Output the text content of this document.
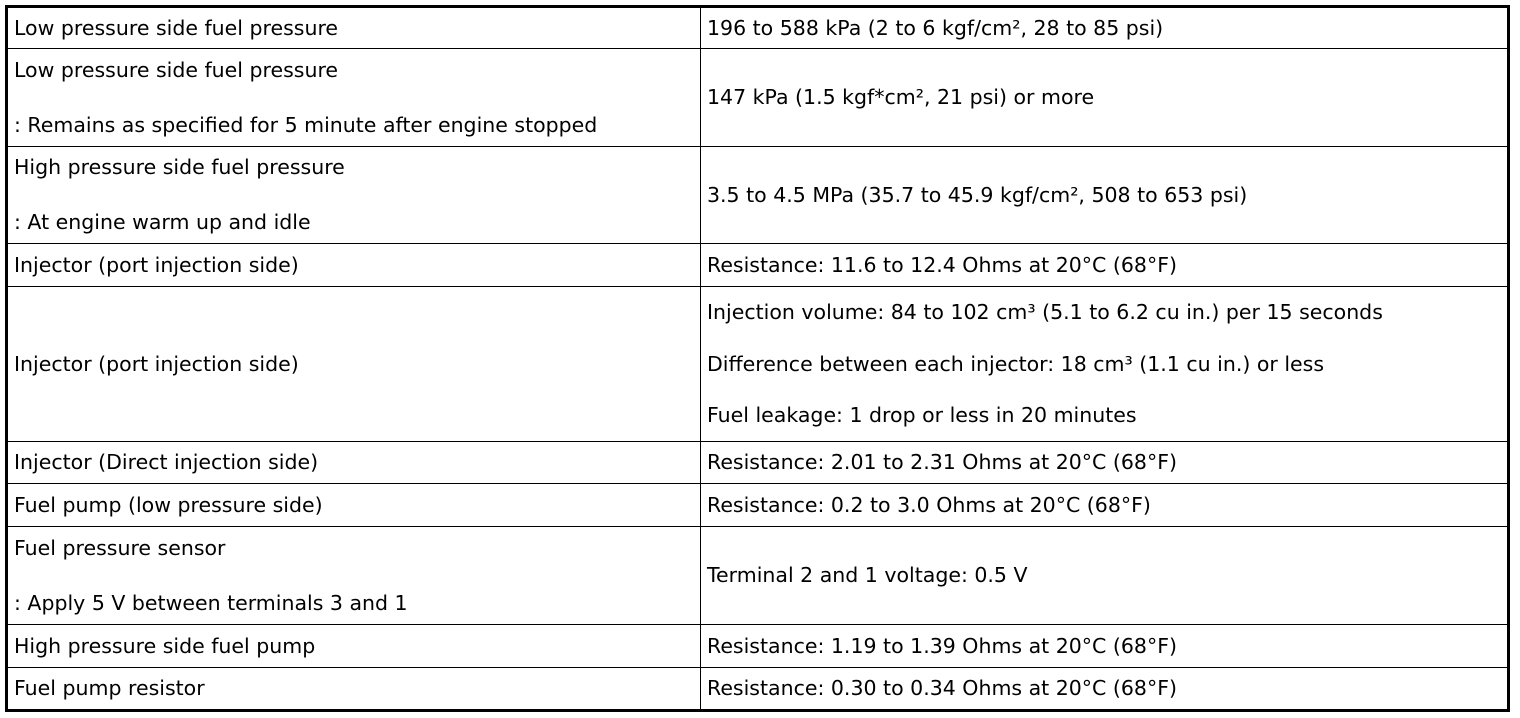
Low pressure side fuel pressure	196 to 588 kPa (2 to 6 kgf/cm², 28 to 85 psi)

Low pressure side fuel pressure
: Remains as specified for 5 minute after engine stopped	147 kPa (1.5 kgf*cm², 21 psi) or more

High pressure side fuel pressure
: At engine warm up and idle	3.5 to 4.5 MPa (35.7 to 45.9 kgf/cm², 508 to 653 psi)

Injector (port injection side)	Resistance: 11.6 to 12.4 Ohms at 20°C (68°F)

Injector (port injection side)	Injection volume: 84 to 102 cm³ (5.1 to 6.2 cu in.) per 15 seconds
Difference between each injector: 18 cm³ (1.1 cu in.) or less
Fuel leakage: 1 drop or less in 20 minutes

Injector (Direct injection side)	Resistance: 2.01 to 2.31 Ohms at 20°C (68°F)

Fuel pump (low pressure side)	Resistance: 0.2 to 3.0 Ohms at 20°C (68°F)

Fuel pressure sensor
: Apply 5 V between terminals 3 and 1	Terminal 2 and 1 voltage: 0.5 V

High pressure side fuel pump	Resistance: 1.19 to 1.39 Ohms at 20°C (68°F)

Fuel pump resistor	Resistance: 0.30 to 0.34 Ohms at 20°C (68°F)
